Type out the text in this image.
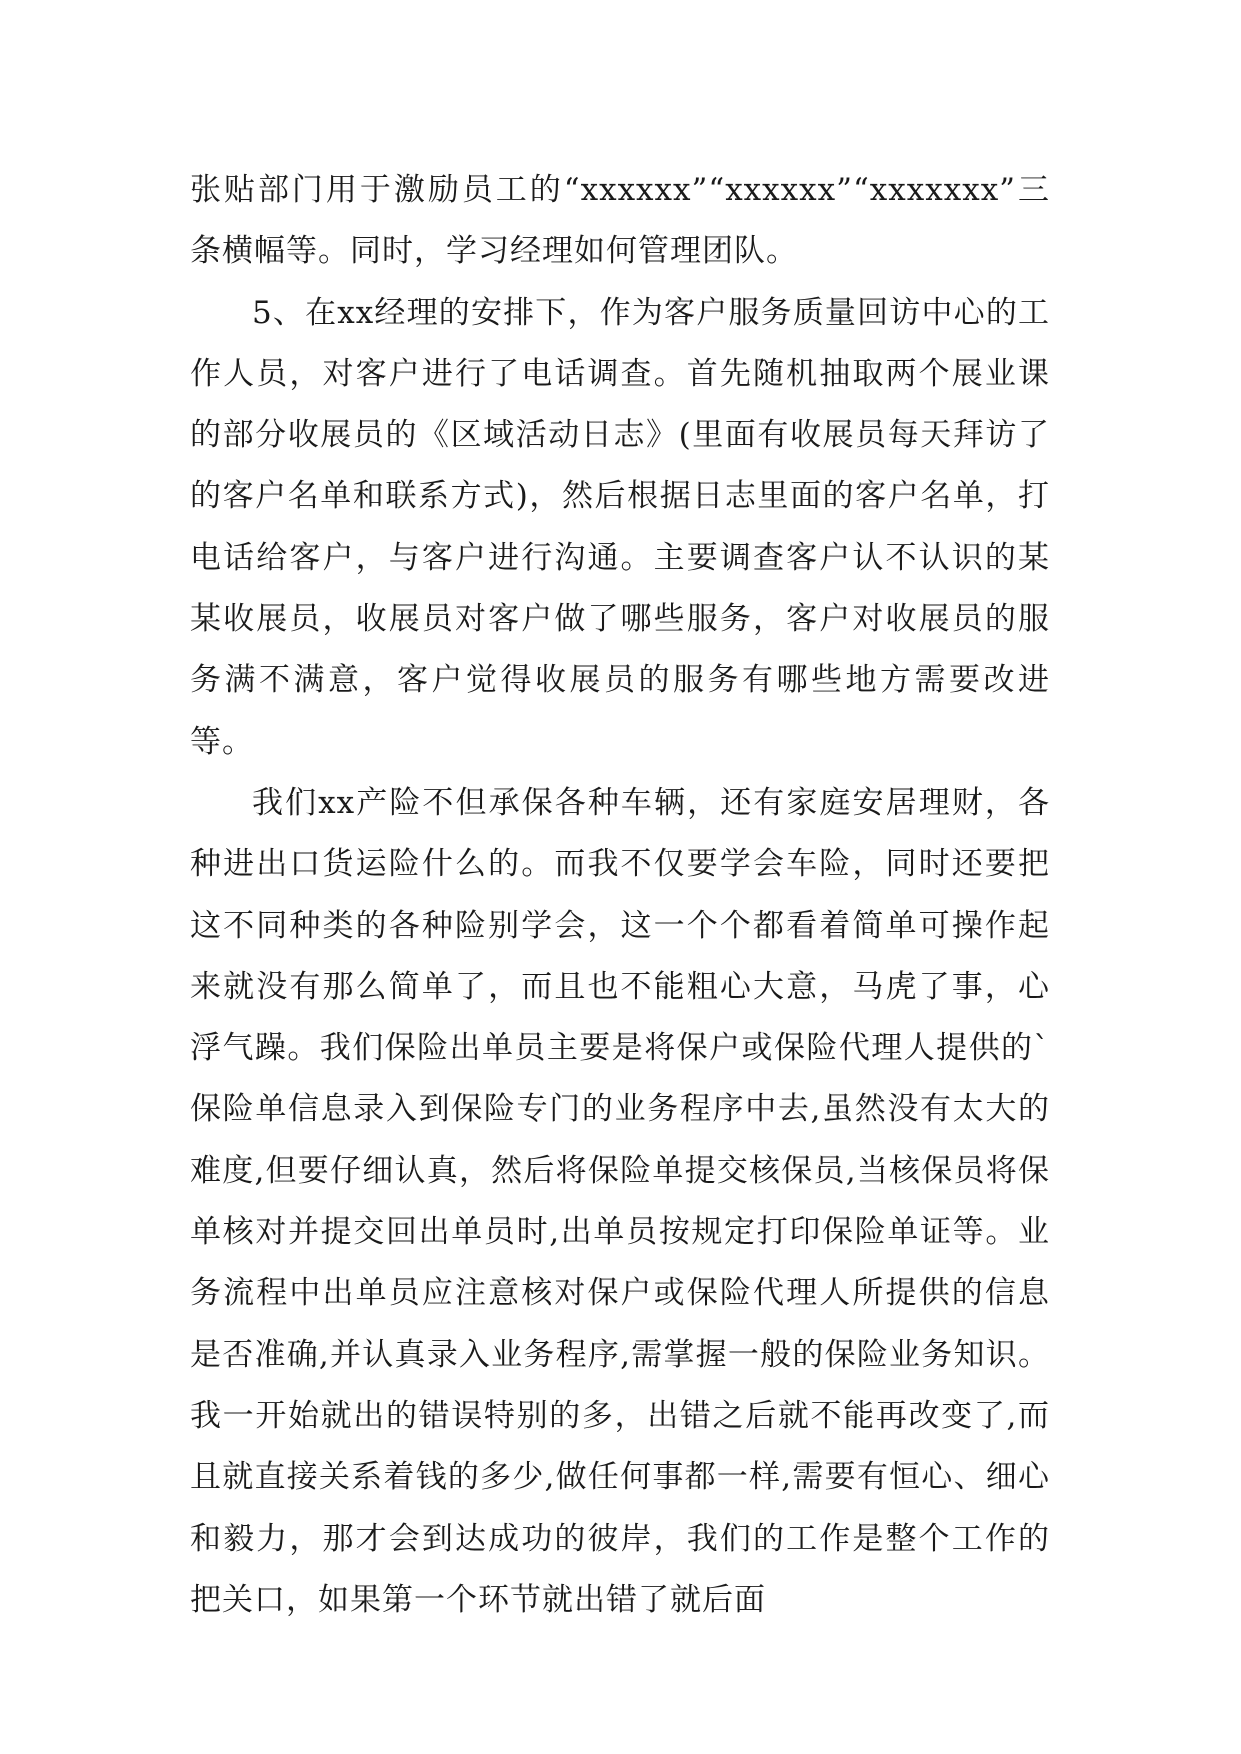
张贴部门用于激励员工的“xxxxxx”“xxxxxx”“xxxxxxx”三条横幅等。同时，学习经理如何管理团队。

5、在xx经理的安排下，作为客户服务质量回访中心的工作人员，对客户进行了电话调查。首先随机抽取两个展业课的部分收展员的《区域活动日志》(里面有收展员每天拜访了的客户名单和联系方式)，然后根据日志里面的客户名单，打电话给客户，与客户进行沟通。主要调查客户认不认识的某某收展员，收展员对客户做了哪些服务，客户对收展员的服务满不满意，客户觉得收展员的服务有哪些地方需要改进等。

我们xx产险不但承保各种车辆，还有家庭安居理财，各种进出口货运险什么的。而我不仅要学会车险，同时还要把这不同种类的各种险别学会，这一个个都看着简单可操作起来就没有那么简单了，而且也不能粗心大意，马虎了事，心浮气躁。我们保险出单员主要是将保户或保险代理人提供的`保险单信息录入到保险专门的业务程序中去,虽然没有太大的难度,但要仔细认真，然后将保险单提交核保员,当核保员将保单核对并提交回出单员时,出单员按规定打印保险单证等。业务流程中出单员应注意核对保户或保险代理人所提供的信息是否准确,并认真录入业务程序,需掌握一般的保险业务知识。我一开始就出的错误特别的多，出错之后就不能再改变了,而且就直接关系着钱的多少,做任何事都一样,需要有恒心、细心和毅力，那才会到达成功的彼岸，我们的工作是整个工作的把关口，如果第一个环节就出错了就后面
